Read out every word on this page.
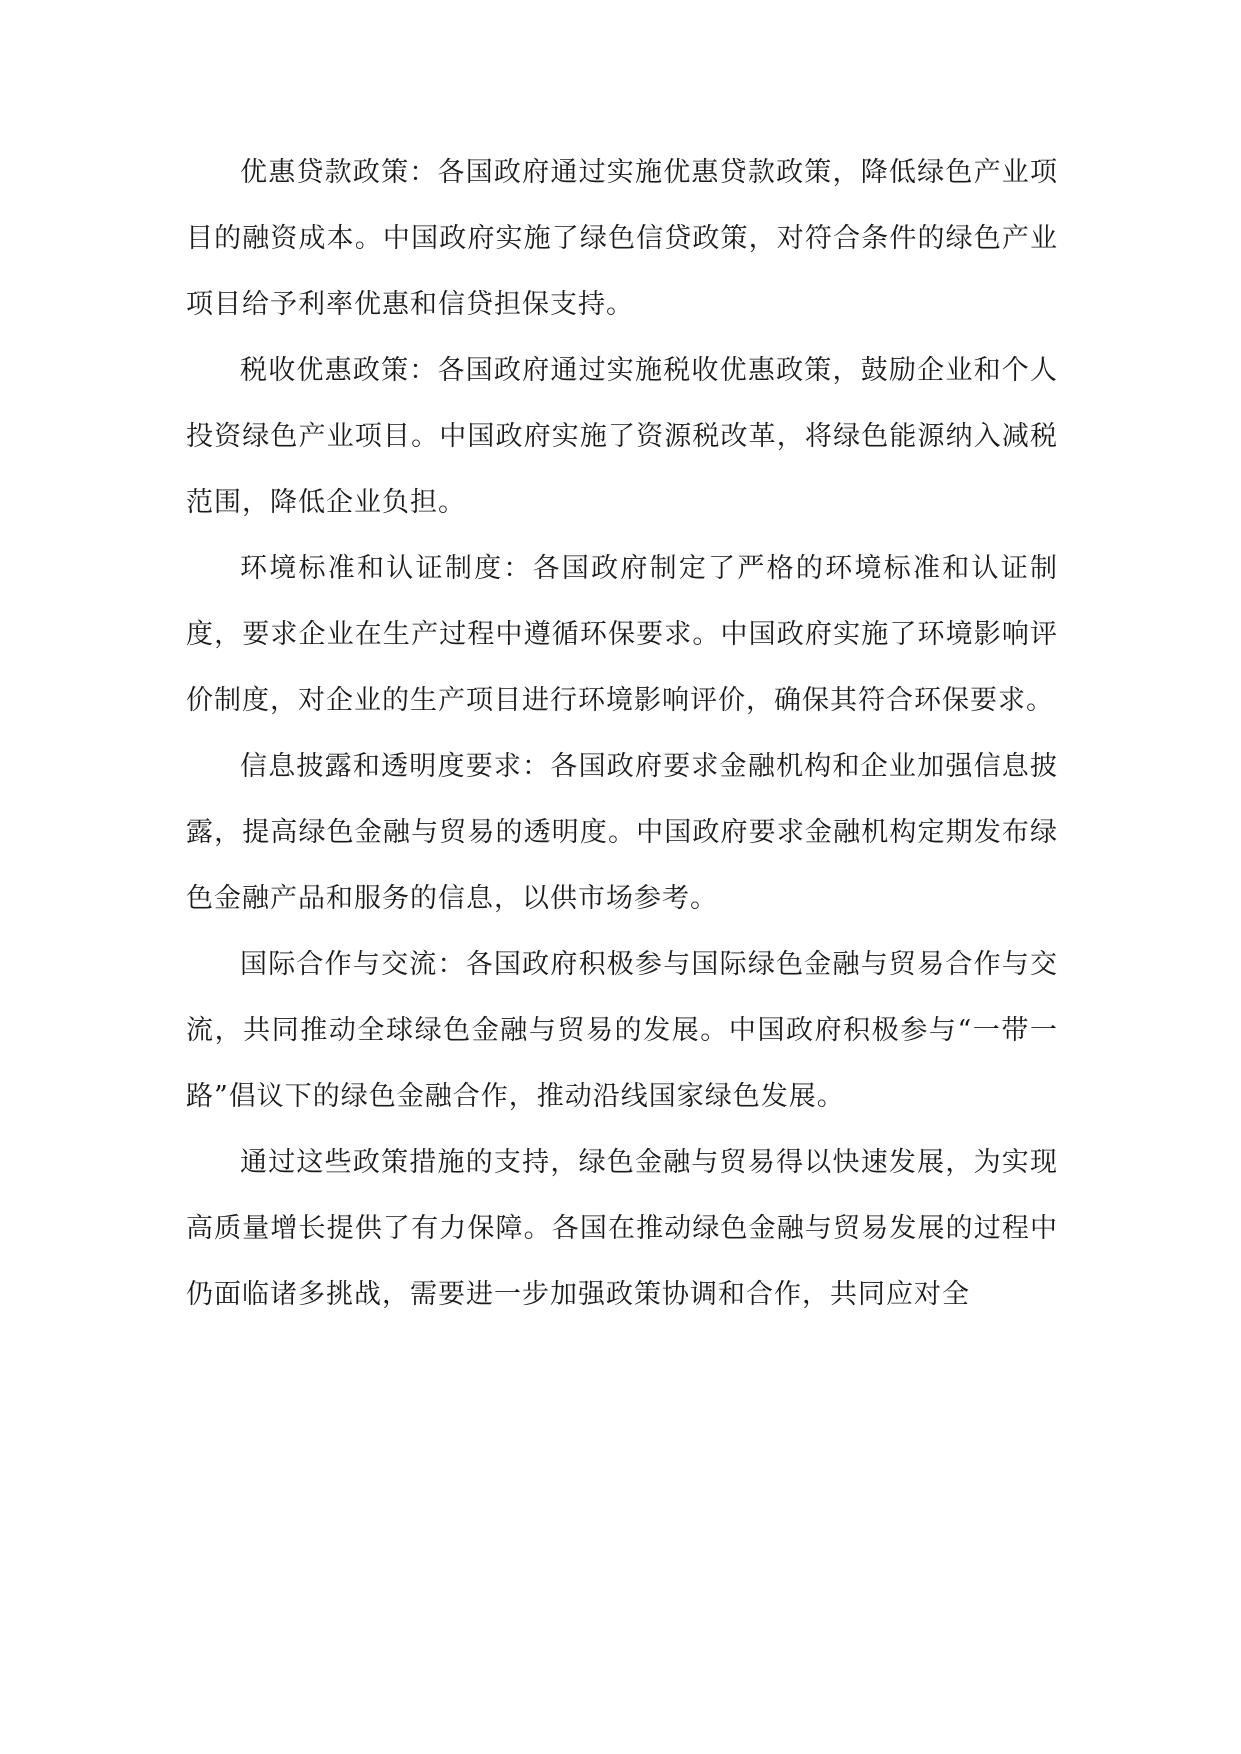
优惠贷款政策：各国政府通过实施优惠贷款政策，降低绿色产业项目的融资成本。中国政府实施了绿色信贷政策，对符合条件的绿色产业项目给予利率优惠和信贷担保支持。

税收优惠政策：各国政府通过实施税收优惠政策，鼓励企业和个人投资绿色产业项目。中国政府实施了资源税改革，将绿色能源纳入减税范围，降低企业负担。

环境标准和认证制度：各国政府制定了严格的环境标准和认证制度，要求企业在生产过程中遵循环保要求。中国政府实施了环境影响评价制度，对企业的生产项目进行环境影响评价，确保其符合环保要求。

信息披露和透明度要求：各国政府要求金融机构和企业加强信息披露，提高绿色金融与贸易的透明度。中国政府要求金融机构定期发布绿色金融产品和服务的信息，以供市场参考。

国际合作与交流：各国政府积极参与国际绿色金融与贸易合作与交流，共同推动全球绿色金融与贸易的发展。中国政府积极参与“一带一路”倡议下的绿色金融合作，推动沿线国家绿色发展。

通过这些政策措施的支持，绿色金融与贸易得以快速发展，为实现高质量增长提供了有力保障。各国在推动绿色金融与贸易发展的过程中仍面临诸多挑战，需要进一步加强政策协调和合作，共同应对全
